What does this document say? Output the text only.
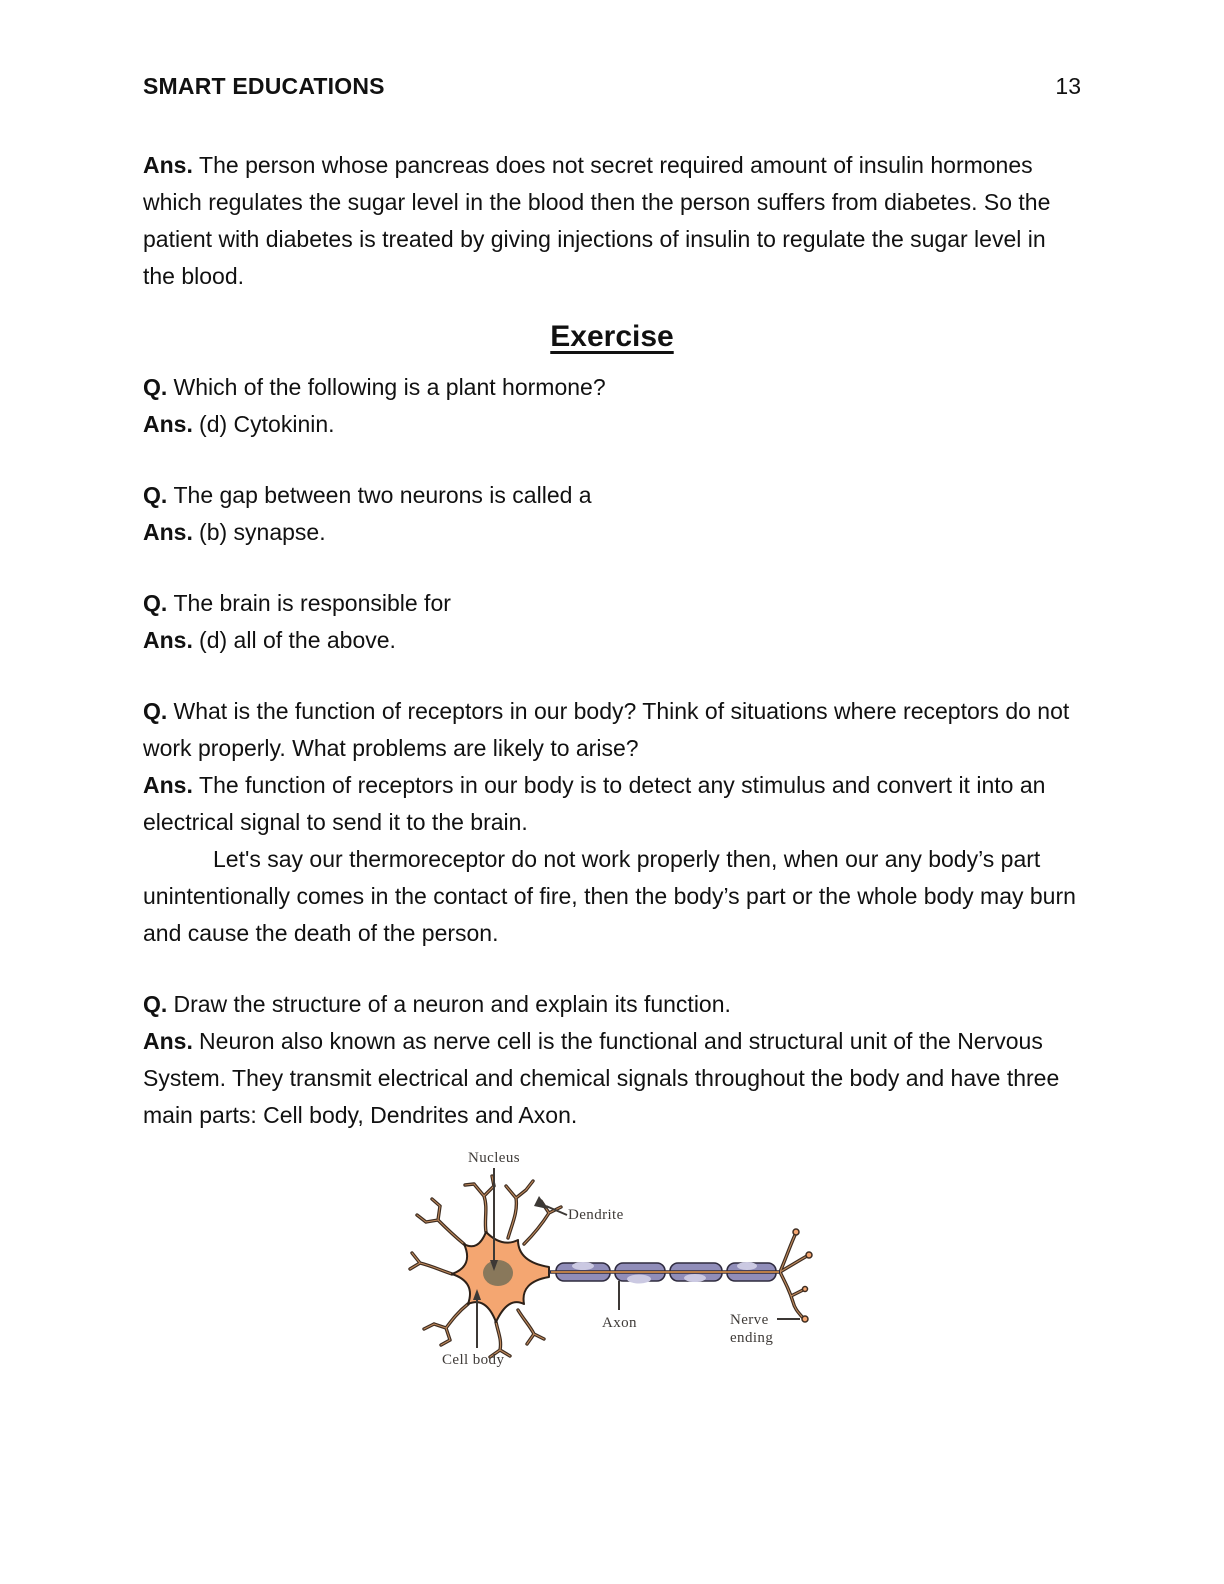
SMART EDUCATIONS	13

Ans. The person whose pancreas does not secret required amount of insulin hormones which regulates the sugar level in the blood then the person suffers from diabetes. So the patient with diabetes is treated by giving injections of insulin to regulate the sugar level in the blood.

Exercise

Q. Which of the following is a plant hormone?

Ans. (d) Cytokinin.

Q. The gap between two neurons is called a

Ans. (b) synapse.

Q. The brain is responsible for

Ans. (d) all of the above.

Q. What is the function of receptors in our body? Think of situations where receptors do not work properly. What problems are likely to arise?

Ans. The function of receptors in our body is to detect any stimulus and convert it into an electrical signal to send it to the brain.

Let's say our thermoreceptor do not work properly then, when our any body’s part unintentionally comes in the contact of fire, then the body’s part or the whole body may burn and cause the death of the person.

Q. Draw the structure of a neuron and explain its function.

Ans. Neuron also known as nerve cell is the functional and structural unit of the Nervous System. They transmit electrical and chemical signals throughout the body and have three main parts: Cell body, Dendrites and Axon.

Nucleus
Dendrite
Axon	Nerve
ending
Cell body
